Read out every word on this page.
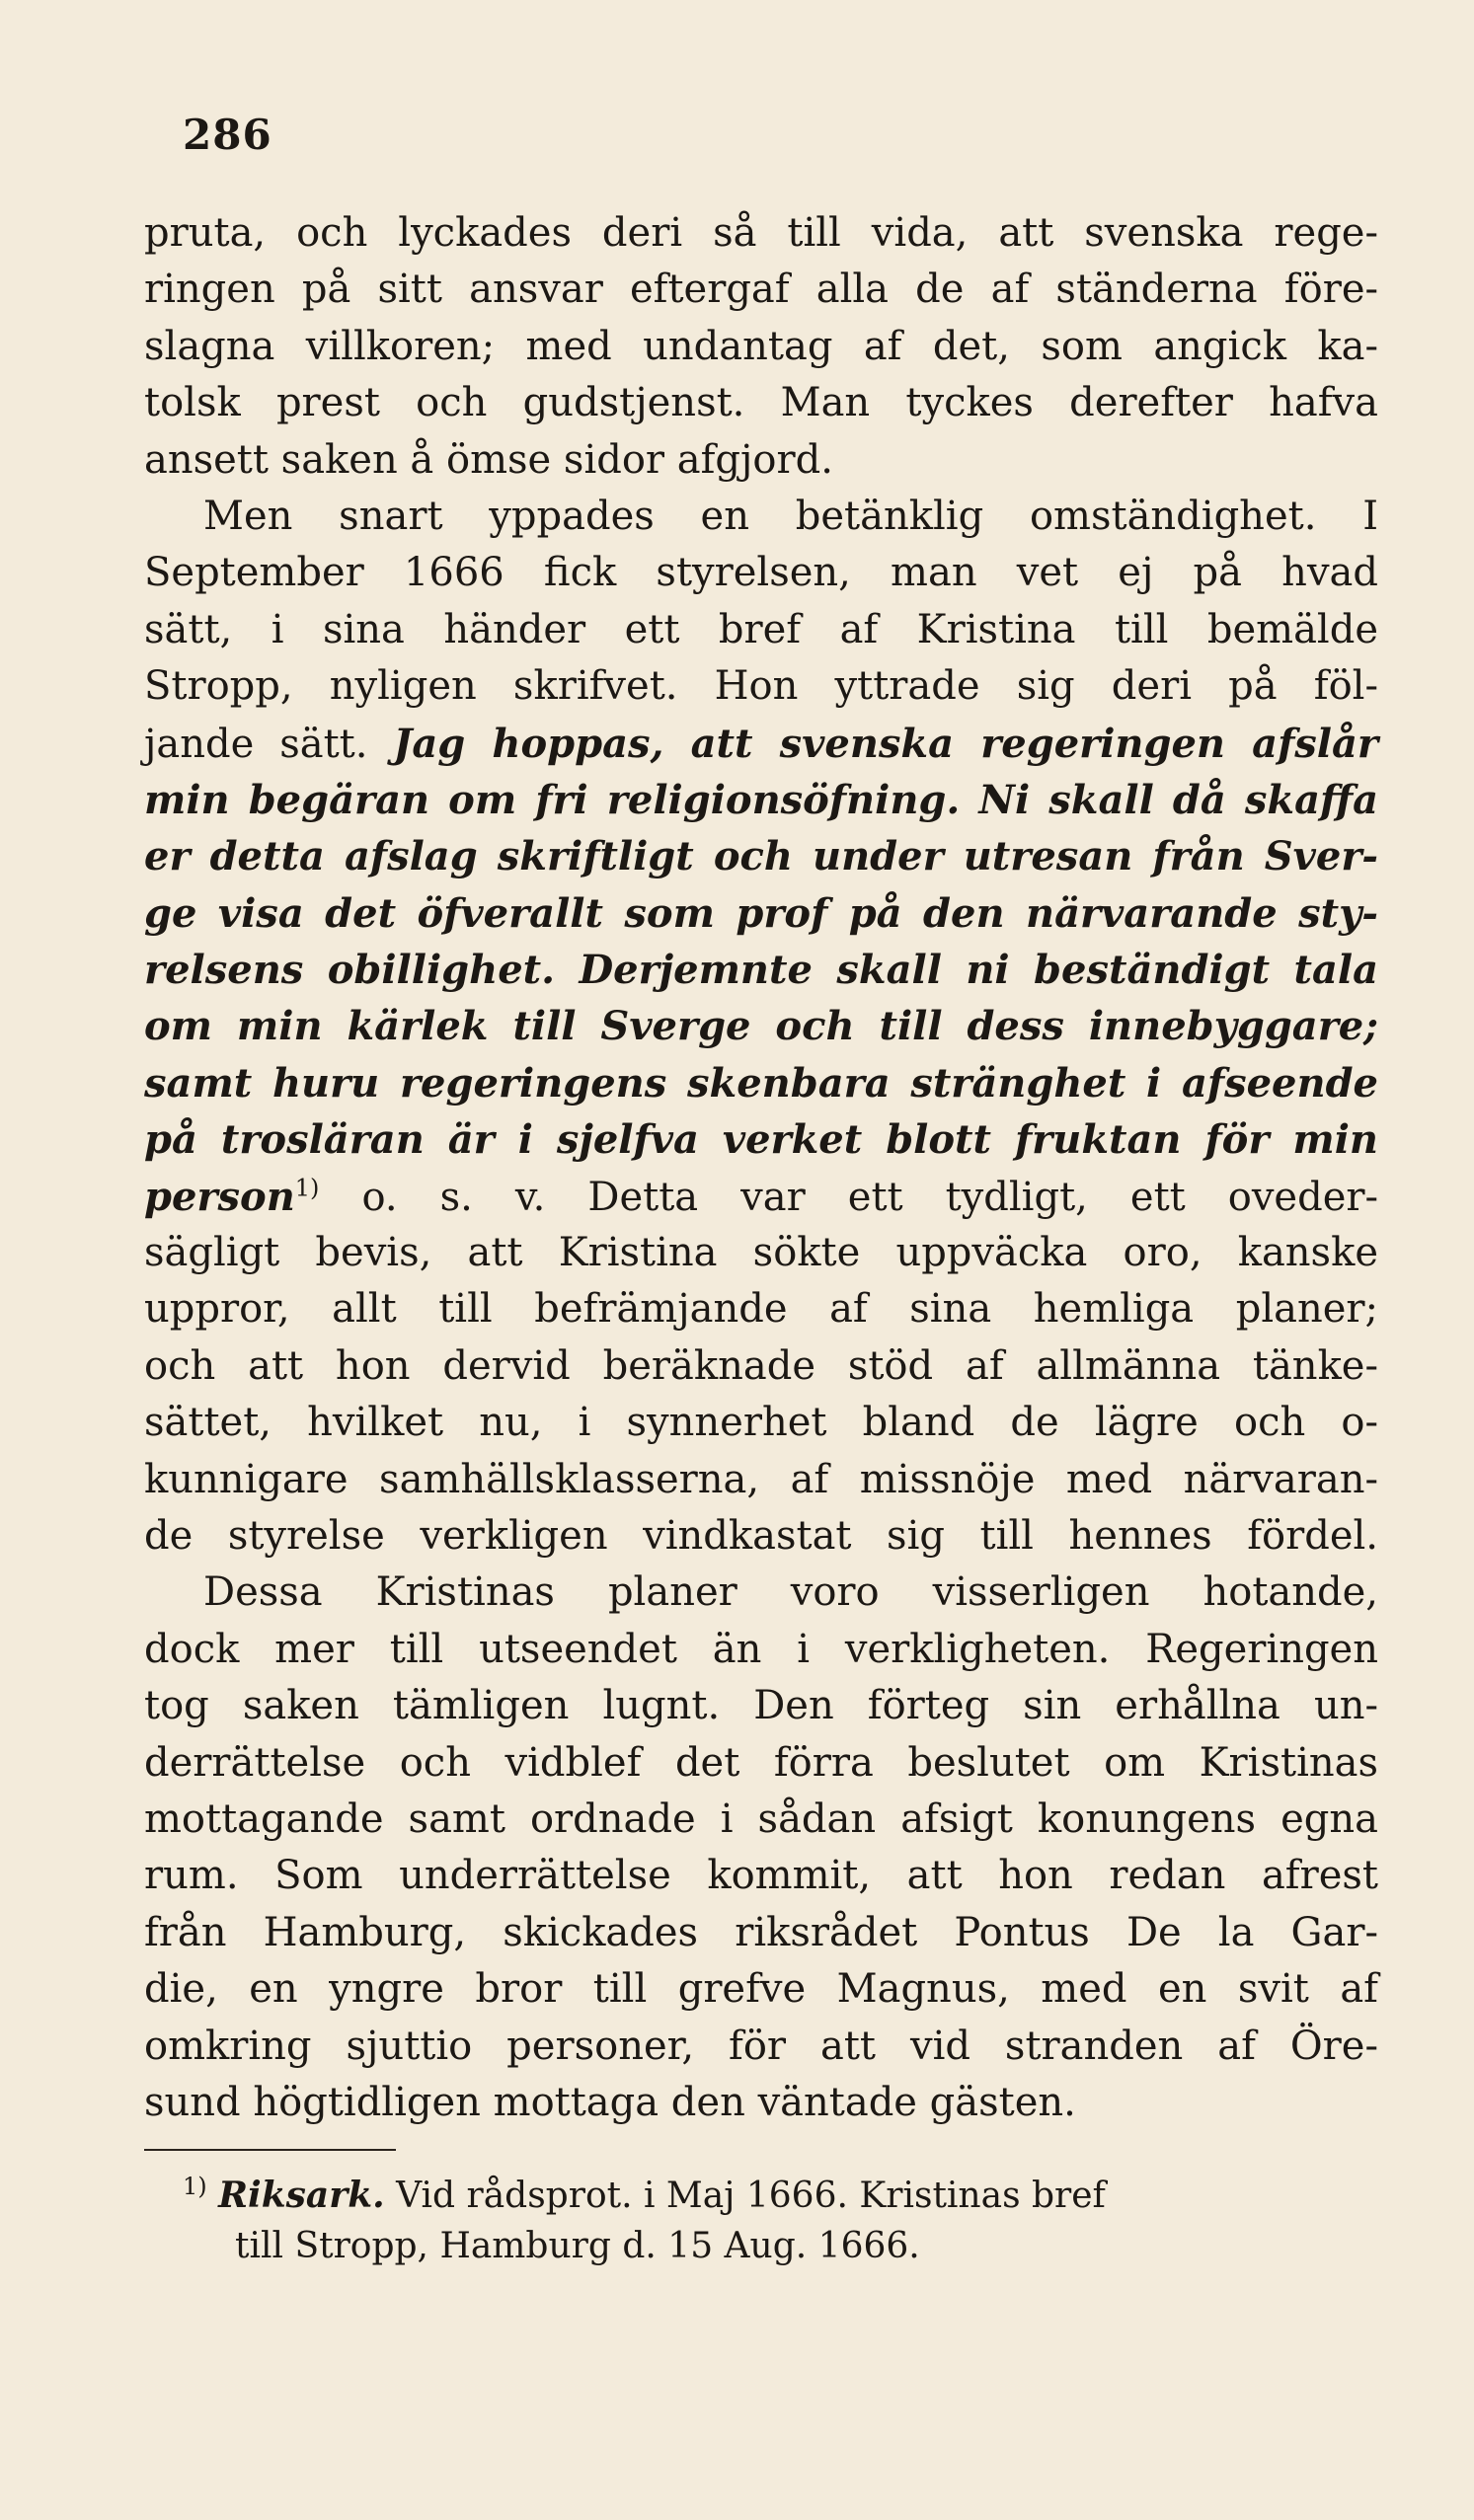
286
pruta, och lyckades deri så till vida, att svenska rege-
ringen på sitt ansvar eftergaf alla de af ständerna före-
slagna villkoren; med undantag af det, som angick ka-
tolsk prest och gudstjenst. Man tyckes derefter hafva
ansett saken å ömse sidor afgjord.
Men snart yppades en betänklig omständighet. I
September 1666 fick styrelsen, man vet ej på hvad
sätt, i sina händer ett bref af Kristina till bemälde
Stropp, nyligen skrifvet. Hon yttrade sig deri på föl-
jande sätt. Jag hoppas, att svenska regeringen afslår
min begäran om fri religionsöfning. Ni skall då skaffa
er detta afslag skriftligt och under utresan från Sver-
ge visa det öfverallt som prof på den närvarande sty-
relsens obillighet. Derjemnte skall ni beständigt tala
om min kärlek till Sverge och till dess innebyggare;
samt huru regeringens skenbara stränghet i afseende
på trosläran är i sjelfva verket blott fruktan för min
person$^{1)}$ o. s. v. Detta var ett tydligt, ett oveder-
sägligt bevis, att Kristina sökte uppväcka oro, kanske
uppror, allt till befrämjande af sina hemliga planer;
och att hon dervid beräknade stöd af allmänna tänke-
sättet, hvilket nu, i synnerhet bland de lägre och o-
kunnigare samhällsklasserna, af missnöje med närvaran-
de styrelse verkligen vindkastat sig till hennes fördel.
Dessa Kristinas planer voro visserligen hotande,
dock mer till utseendet än i verkligheten. Regeringen
tog saken tämligen lugnt. Den förteg sin erhållna un-
derrättelse och vidblef det förra beslutet om Kristinas
mottagande samt ordnade i sådan afsigt konungens egna
rum. Som underrättelse kommit, att hon redan afrest
från Hamburg, skickades riksrådet Pontus De la Gar-
die, en yngre bror till grefve Magnus, med en svit af
omkring sjuttio personer, för att vid stranden af Öre-
sund högtidligen mottaga den väntade gästen.
$^{1)}$ Riksark. Vid rådsprot. i Maj 1666. Kristinas bref
till Stropp, Hamburg d. 15 Aug. 1666.
